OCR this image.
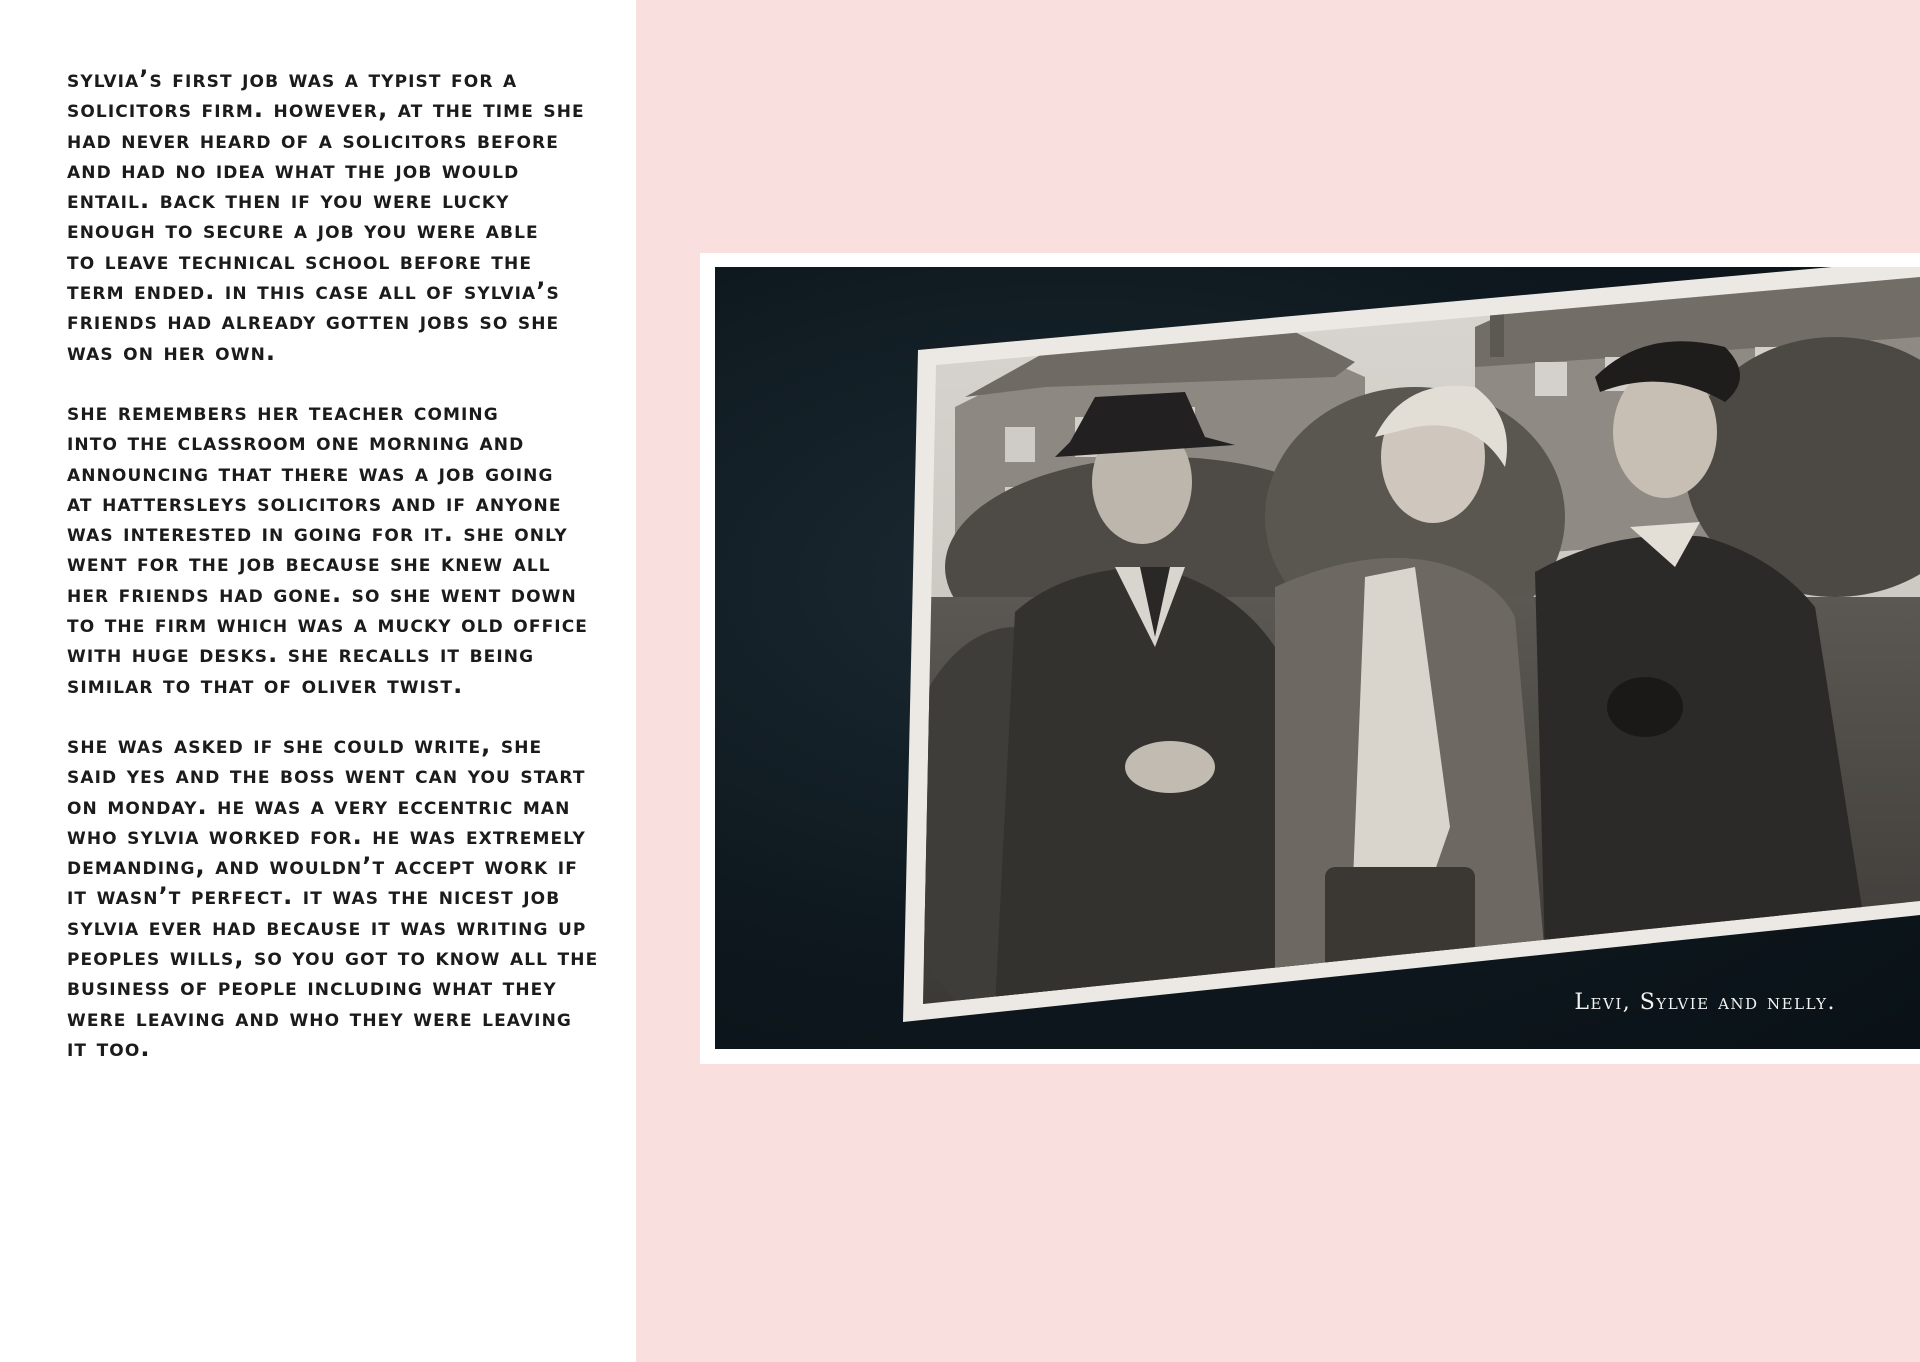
sylvia’s first job was a typist for a
solicitors firm. however, at the time she
had never heard of a solicitors before
and had no idea what the job would
entail. back then if you were lucky
enough to secure a job you were able
to leave technical school before the
term ended. in this case all of sylvia’s
friends had already gotten jobs so she
was on her own.

she remembers her teacher coming
into the classroom one morning and
announcing that there was a job going
at hattersleys solicitors and if anyone
was interested in going for it. she only
went for the job because she knew all
her friends had gone. so she went down
to the firm which was a mucky old office
with huge desks. she recalls it being
similar to that of oliver twist.

she was asked if she could write, she
said yes and the boss went can you start
on monday. he was a very eccentric man
who sylvia worked for. he was extremely
demanding, and wouldn’t accept work if
it wasn’t perfect. it was the nicest job
sylvia ever had because it was writing up
peoples wills, so you got to know all the
business of people including what they
were leaving and who they were leaving
it too.

Levi, Sylvie and nelly.
